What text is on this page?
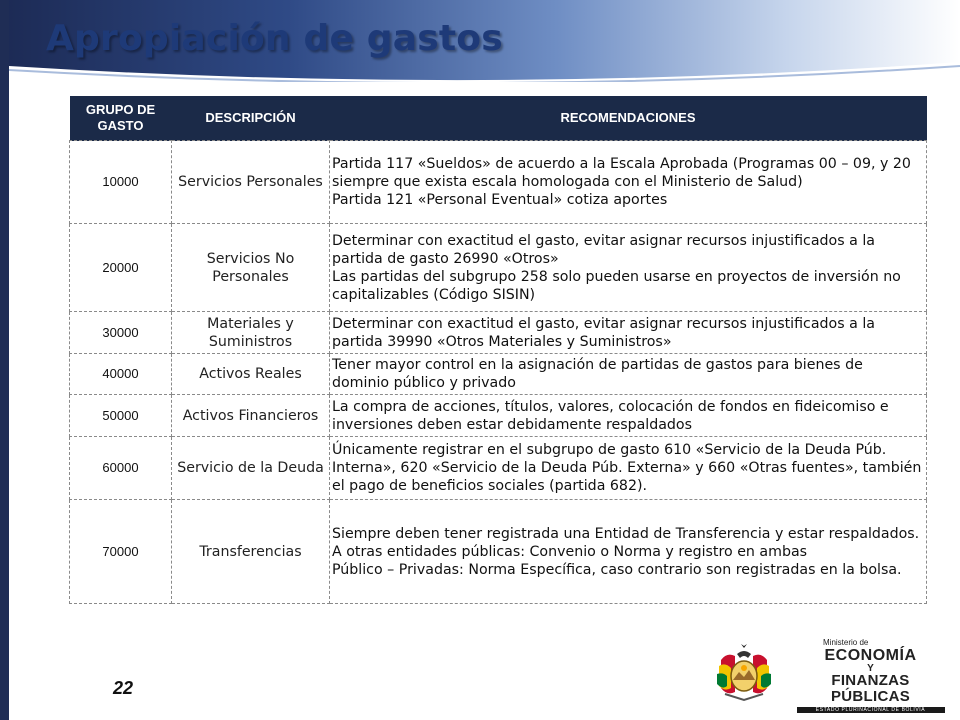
Apropiación de gastos
GRUPO DE GASTO	DESCRIPCIÓN	RECOMENDACIONES
10000	Servicios Personales	Partida 117 «Sueldos» de acuerdo a la Escala Aprobada (Programas 00 – 09, y 20 siempre que exista escala homologada con el Ministerio de Salud)
Partida 121 «Personal Eventual» cotiza aportes

20000	Servicios No Personales	Determinar con exactitud el gasto, evitar asignar recursos injustificados a la partida de gasto 26990 «Otros»
Las partidas del subgrupo 258 solo pueden usarse en proyectos de inversión no capitalizables (Código SISIN)

30000	Materiales y Suministros	Determinar con exactitud el gasto, evitar asignar recursos injustificados a la partida 39990 «Otros Materiales y Suministros»

40000	Activos Reales	Tener mayor control en la asignación de partidas de gastos para bienes de dominio público y privado

50000	Activos Financieros	La compra de acciones, títulos, valores, colocación de fondos en fideicomiso e inversiones deben estar debidamente respaldados

60000	Servicio de la Deuda	Únicamente registrar en el subgrupo de gasto 610 «Servicio de la Deuda Púb. Interna», 620 «Servicio de la Deuda Púb. Externa» y 660 «Otras fuentes», también el pago de beneficios sociales (partida 682).

70000	Transferencias	Siempre deben tener registrada una Entidad de Transferencia y estar respaldados.
A otras entidades públicas: Convenio o Norma y registro en ambas
Público – Privadas: Norma Específica, caso contrario son registradas en la bolsa.
22
Ministerio de
ECONOMÍA
Y
FINANZAS PÚBLICAS
ESTADO PLURINACIONAL DE BOLIVIA
